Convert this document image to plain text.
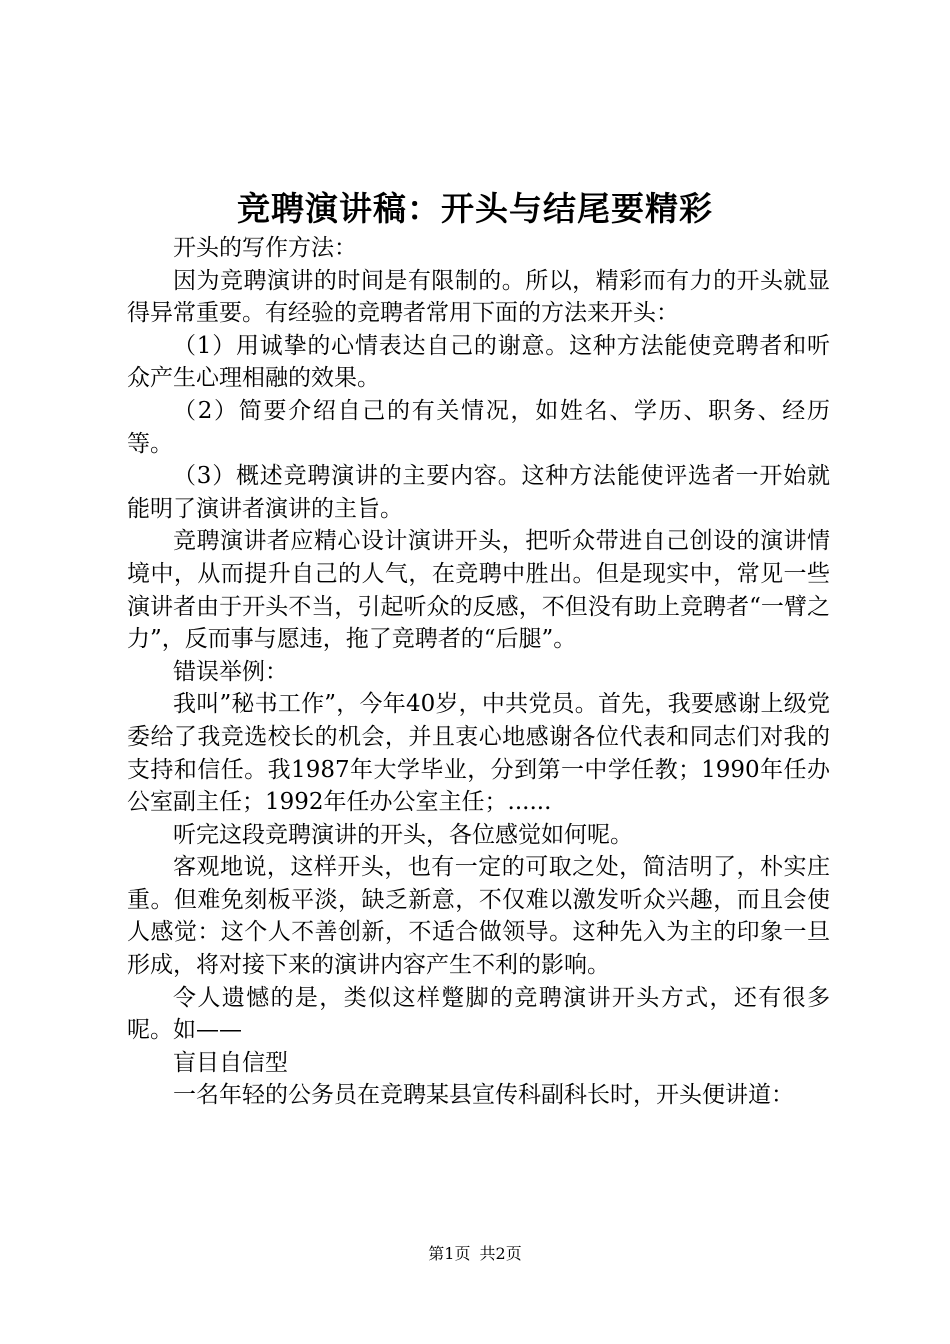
竞聘演讲稿：开头与结尾要精彩

开头的写作方法：

因为竞聘演讲的时间是有限制的。所以，精彩而有力的开头就显得异常重要。有经验的竞聘者常用下面的方法来开头：

（1）用诚挚的心情表达自己的谢意。这种方法能使竞聘者和听众产生心理相融的效果。

（2）简要介绍自己的有关情况，如姓名、学历、职务、经历等。

（3）概述竞聘演讲的主要内容。这种方法能使评选者一开始就能明了演讲者演讲的主旨。

竞聘演讲者应精心设计演讲开头，把听众带进自己创设的演讲情境中，从而提升自己的人气，在竞聘中胜出。但是现实中，常见一些演讲者由于开头不当，引起听众的反感，不但没有助上竞聘者“一臂之力”，反而事与愿违，拖了竞聘者的“后腿”。

错误举例：

我叫”秘书工作”，今年40岁，中共党员。首先，我要感谢上级党委给了我竞选校长的机会，并且衷心地感谢各位代表和同志们对我的支持和信任。我1987年大学毕业，分到第一中学任教；1990年任办公室副主任；1992年任办公室主任；......

听完这段竞聘演讲的开头，各位感觉如何呢。

客观地说，这样开头，也有一定的可取之处，简洁明了，朴实庄重。但难免刻板平淡，缺乏新意，不仅难以激发听众兴趣，而且会使人感觉：这个人不善创新，不适合做领导。这种先入为主的印象一旦形成，将对接下来的演讲内容产生不利的影响。

令人遗憾的是，类似这样蹩脚的竞聘演讲开头方式，还有很多呢。如——

盲目自信型

一名年轻的公务员在竞聘某县宣传科副科长时，开头便讲道：

第1页 共2页
